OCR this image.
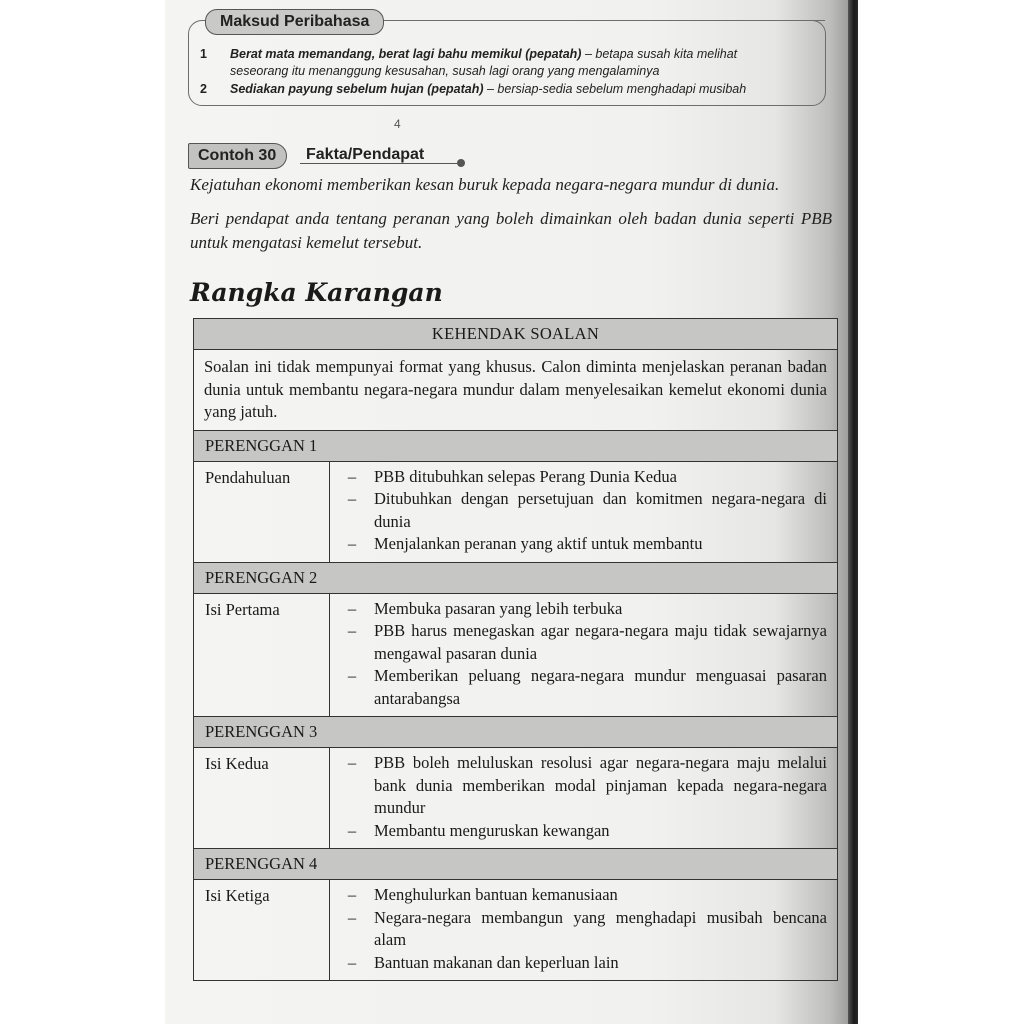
Maksud Peribahasa
1 Berat mata memandang, berat lagi bahu memikul (pepatah) – betapa susah kita melihat
seseorang itu menanggung kesusahan, susah lagi orang yang mengalaminya
2 Sediakan payung sebelum hujan (pepatah) – bersiap-sedia sebelum menghadapi musibah
4
Contoh 30	Fakta/Pendapat
Kejatuhan ekonomi memberikan kesan buruk kepada negara-negara mundur di dunia.
Beri pendapat anda tentang peranan yang boleh dimainkan oleh badan dunia seperti PBB untuk mengatasi kemelut tersebut.
Rangka Karangan
KEHENDAK SOALAN
Soalan ini tidak mempunyai format yang khusus. Calon diminta menjelaskan peranan badan dunia untuk membantu negara-negara mundur dalam menyelesaikan kemelut ekonomi dunia yang jatuh.
PERENGGAN 1
Pendahuluan	–	PBB ditubuhkan selepas Perang Dunia Kedua
–	Ditubuhkan dengan persetujuan dan komitmen negara-negara di dunia
–	Menjalankan peranan yang aktif untuk membantu
PERENGGAN 2
Isi Pertama	–	Membuka pasaran yang lebih terbuka
–	PBB harus menegaskan agar negara-negara maju tidak sewajarnya mengawal pasaran dunia
–	Memberikan peluang negara-negara mundur menguasai pasaran antarabangsa
PERENGGAN 3
Isi Kedua	–	PBB boleh meluluskan resolusi agar negara-negara maju melalui bank dunia memberikan modal pinjaman kepada negara-negara mundur
–	Membantu menguruskan kewangan
PERENGGAN 4
Isi Ketiga	–	Menghulurkan bantuan kemanusiaan
–	Negara-negara membangun yang menghadapi musibah bencana alam
–	Bantuan makanan dan keperluan lain
